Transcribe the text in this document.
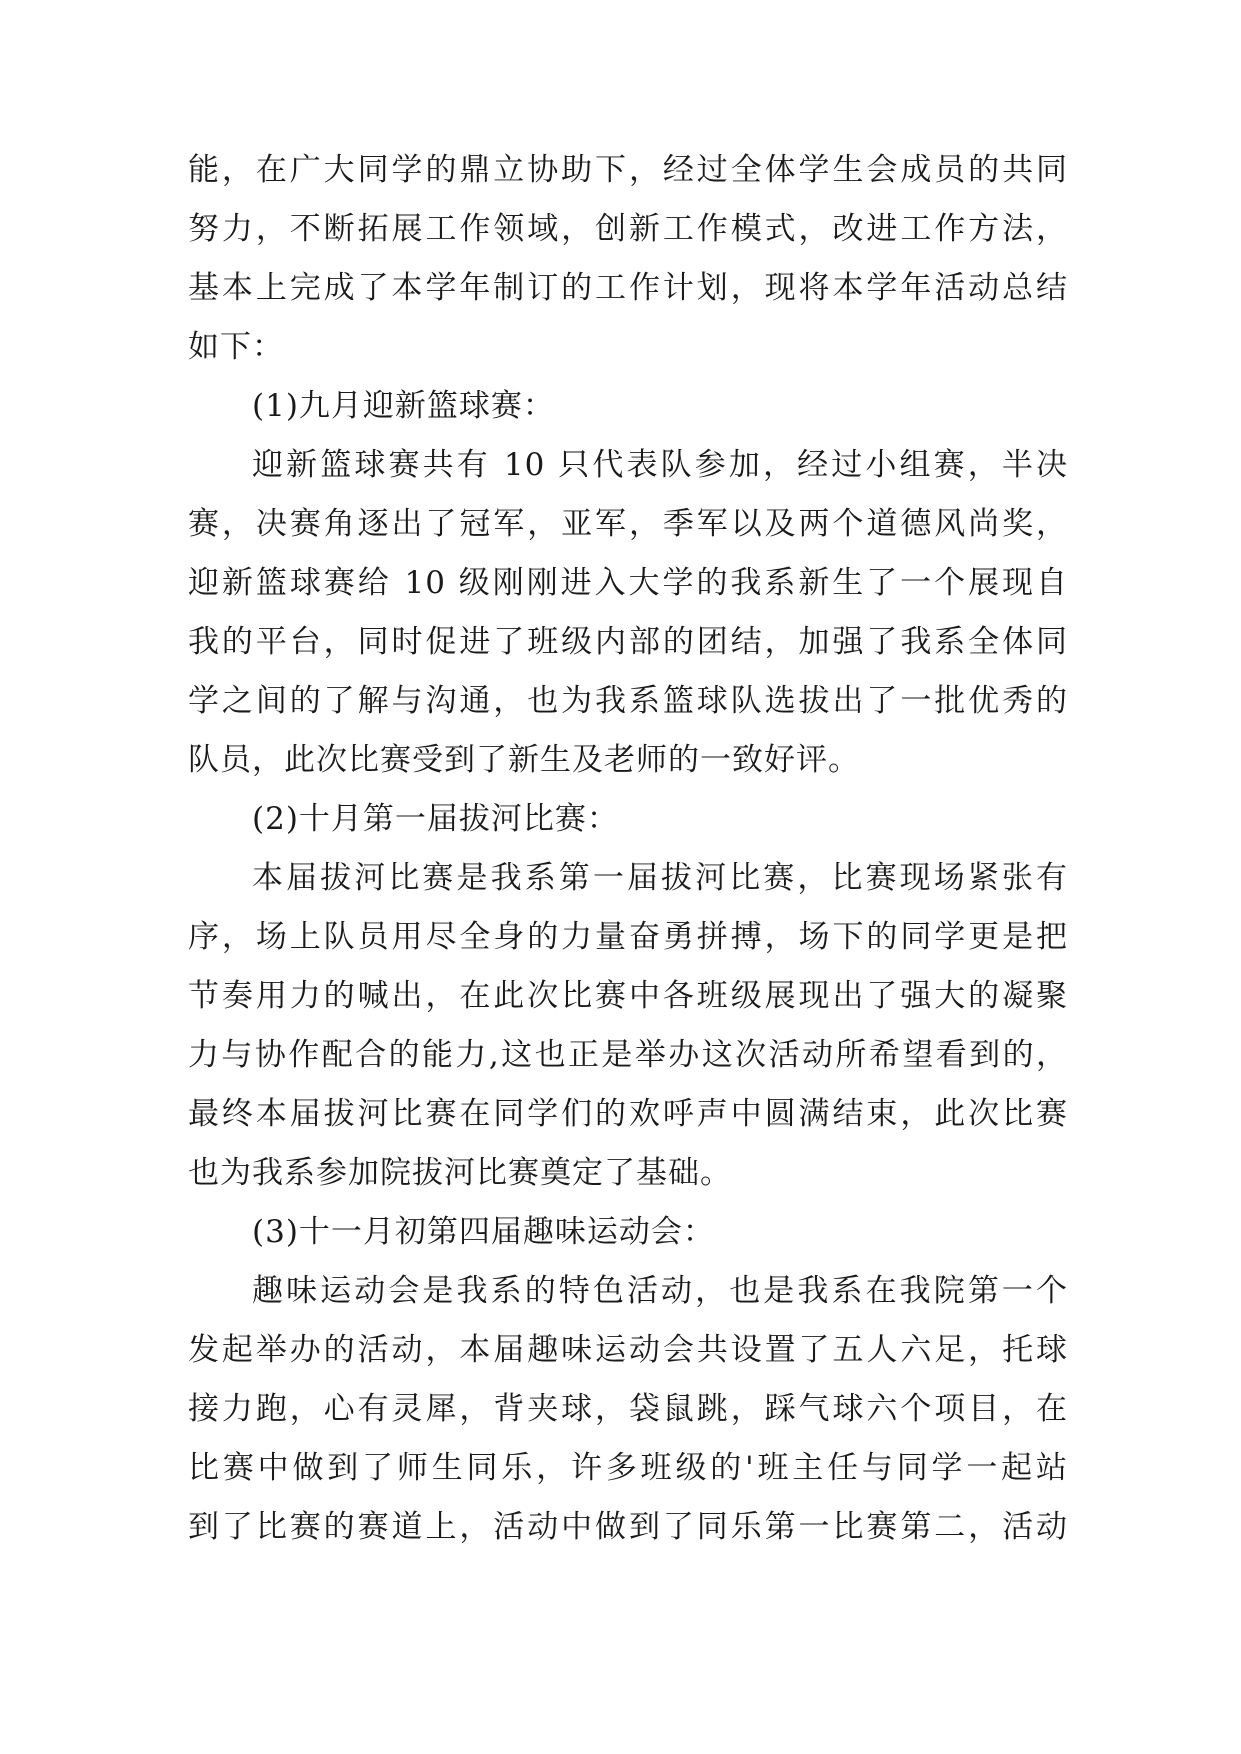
能，在广大同学的鼎立协助下，经过全体学生会成员的共同
努力，不断拓展工作领域，创新工作模式，改进工作方法，
基本上完成了本学年制订的工作计划，现将本学年活动总结
如下：
(1)九月迎新篮球赛：
迎新篮球赛共有 10 只代表队参加，经过小组赛，半决
赛，决赛角逐出了冠军，亚军，季军以及两个道德风尚奖，
迎新篮球赛给 10 级刚刚进入大学的我系新生了一个展现自
我的平台，同时促进了班级内部的团结，加强了我系全体同
学之间的了解与沟通，也为我系篮球队选拔出了一批优秀的
队员，此次比赛受到了新生及老师的一致好评。
(2)十月第一届拔河比赛：
本届拔河比赛是我系第一届拔河比赛，比赛现场紧张有
序，场上队员用尽全身的力量奋勇拼搏，场下的同学更是把
节奏用力的喊出，在此次比赛中各班级展现出了强大的凝聚
力与协作配合的能力,这也正是举办这次活动所希望看到的，
最终本届拔河比赛在同学们的欢呼声中圆满结束，此次比赛
也为我系参加院拔河比赛奠定了基础。
(3)十一月初第四届趣味运动会：
趣味运动会是我系的特色活动，也是我系在我院第一个
发起举办的活动，本届趣味运动会共设置了五人六足，托球
接力跑，心有灵犀，背夹球，袋鼠跳，踩气球六个项目，在
比赛中做到了师生同乐，许多班级的'班主任与同学一起站
到了比赛的赛道上，活动中做到了同乐第一比赛第二，活动
